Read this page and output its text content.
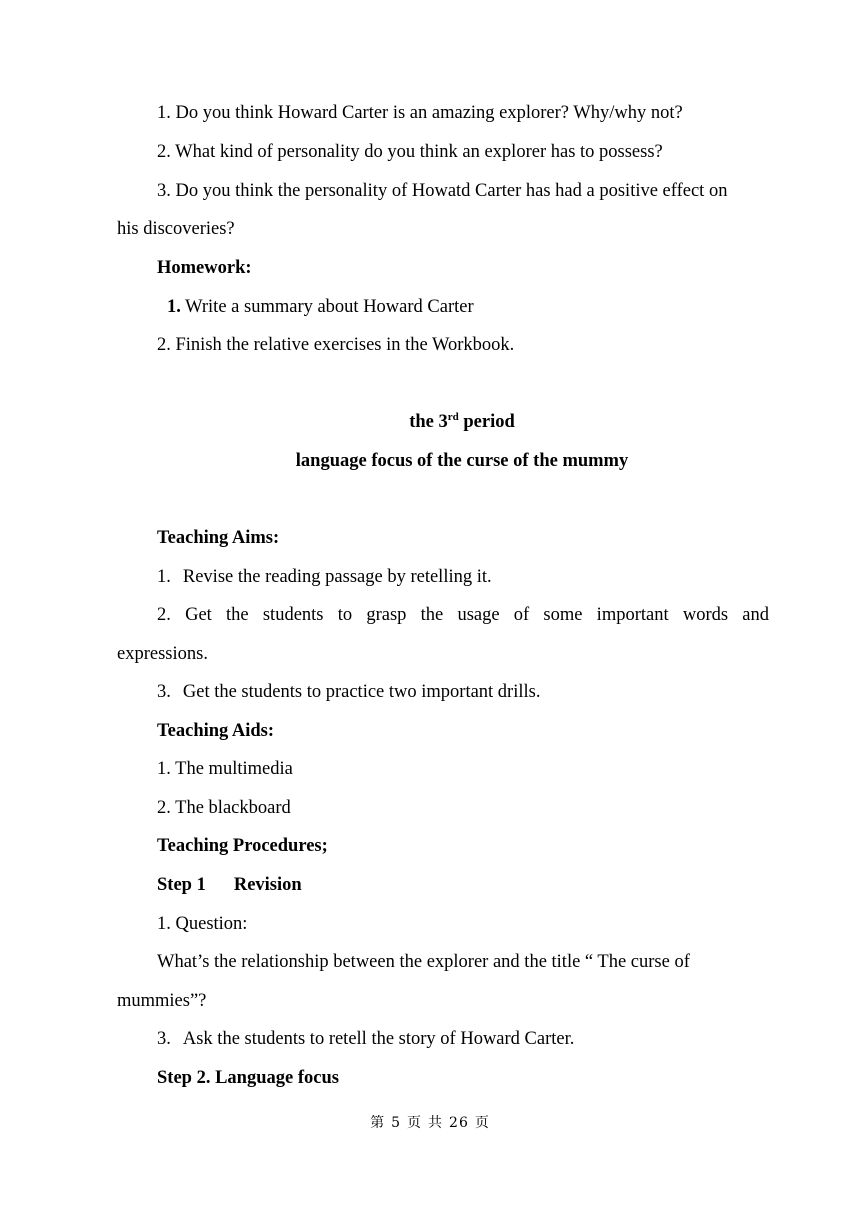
1. Do you think Howard Carter is an amazing explorer? Why/why not?
2. What kind of personality do you think an explorer has to possess?
3. Do you think the personality of Howatd Carter has had a positive effect on
his discoveries?
Homework:
1. Write a summary about Howard Carter
2. Finish the relative exercises in the Workbook.
the 3rd period
language focus of the curse of the mummy
Teaching Aims:
1. Revise the reading passage by retelling it.
2. Get the students to grasp the usage of some important words and
expressions.
3. Get the students to practice two important drills.
Teaching Aids:
1. The multimedia
2. The blackboard
Teaching Procedures;
Step 1 Revision
1. Question:
What’s the relationship between the explorer and the title “ The curse of
mummies”?
3. Ask the students to retell the story of Howard Carter.
Step 2. Language focus
第 5 页 共 26 页
